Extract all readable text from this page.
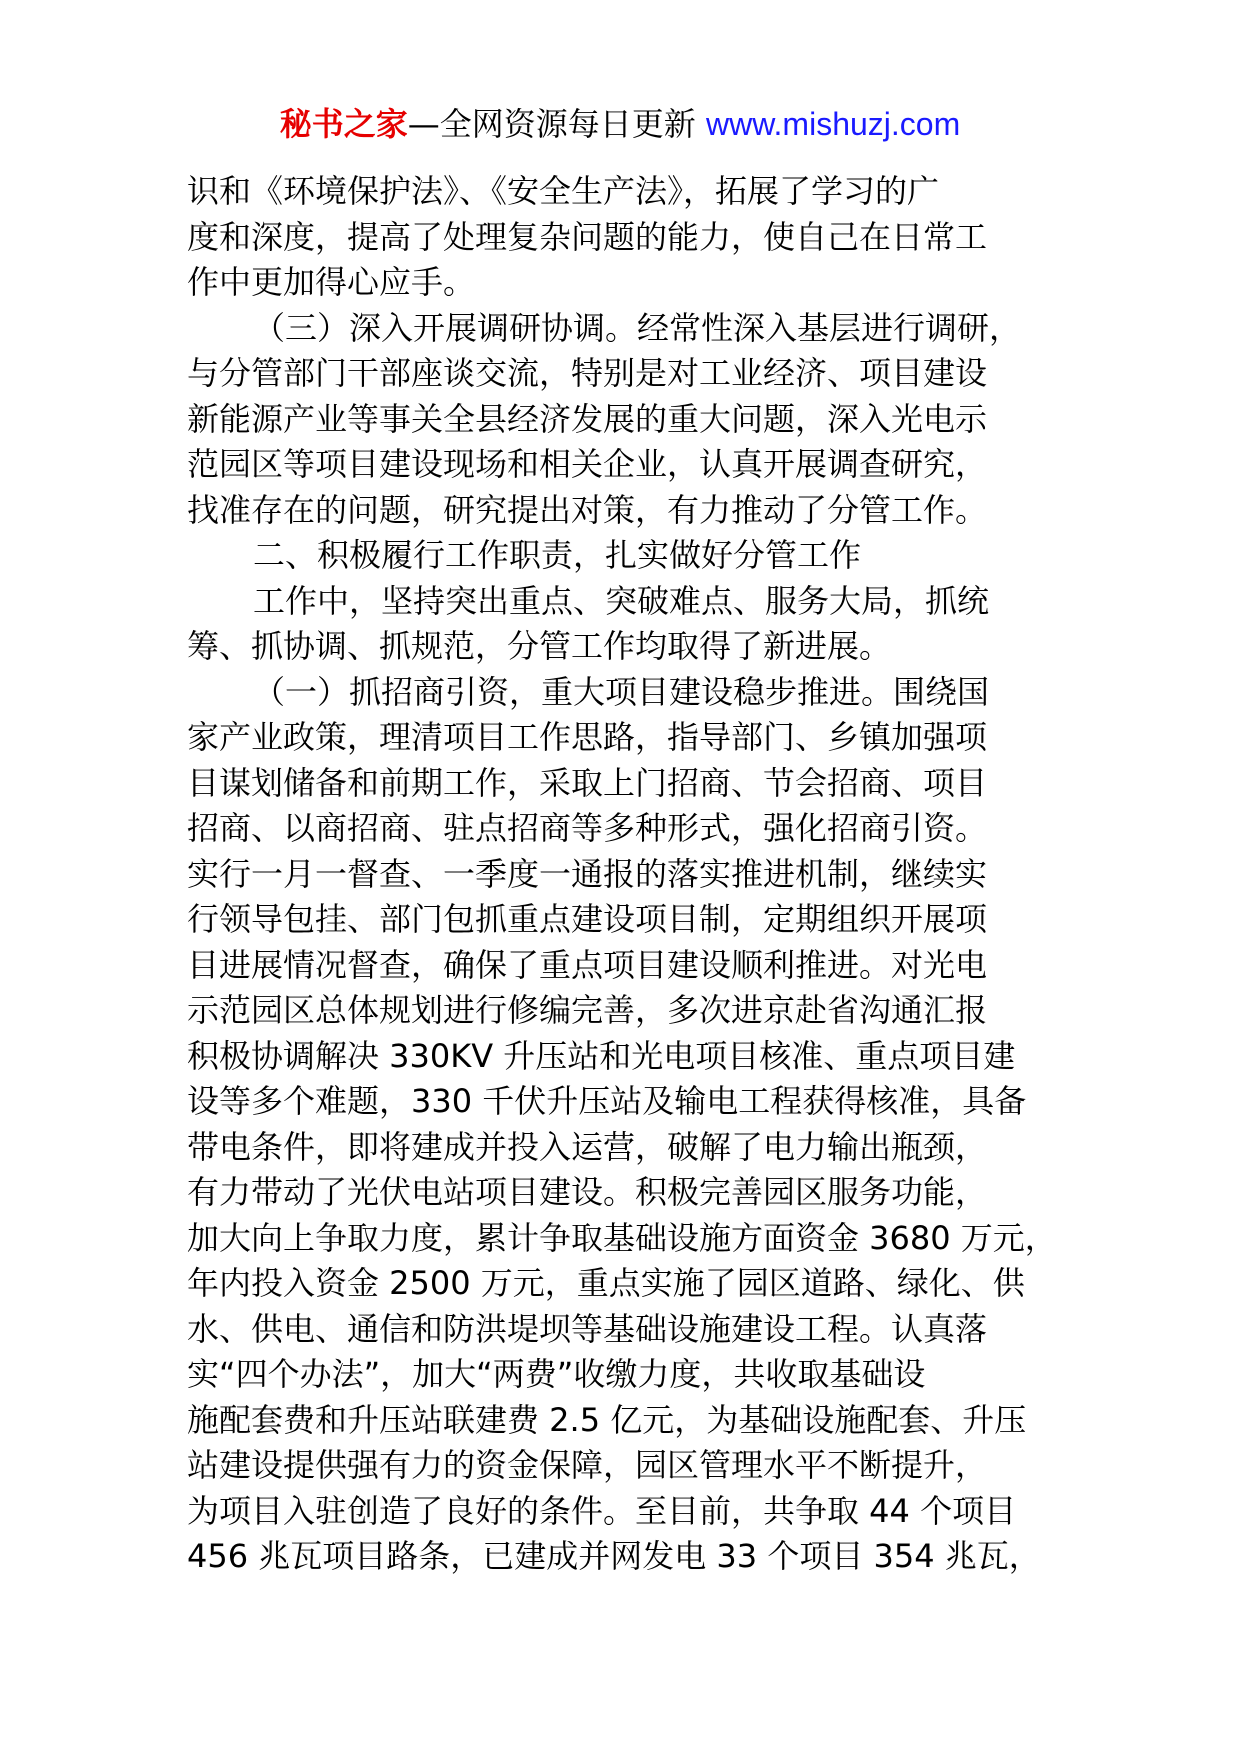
秘书之家—全网资源每日更新 www.mishuzj.com
识和《环境保护法》、《安全生产法》，拓展了学习的广
度和深度，提高了处理复杂问题的能力，使自己在日常工
作中更加得心应手。
（三）深入开展调研协调。经常性深入基层进行调研，
与分管部门干部座谈交流，特别是对工业经济、项目建设
新能源产业等事关全县经济发展的重大问题，深入光电示
范园区等项目建设现场和相关企业，认真开展调查研究，
找准存在的问题，研究提出对策，有力推动了分管工作。
二、积极履行工作职责，扎实做好分管工作
工作中，坚持突出重点、突破难点、服务大局，抓统
筹、抓协调、抓规范，分管工作均取得了新进展。
（一）抓招商引资，重大项目建设稳步推进。围绕国
家产业政策，理清项目工作思路，指导部门、乡镇加强项
目谋划储备和前期工作，采取上门招商、节会招商、项目
招商、以商招商、驻点招商等多种形式，强化招商引资。
实行一月一督查、一季度一通报的落实推进机制，继续实
行领导包挂、部门包抓重点建设项目制，定期组织开展项
目进展情况督查，确保了重点项目建设顺利推进。对光电
示范园区总体规划进行修编完善，多次进京赴省沟通汇报
积极协调解决 330KV 升压站和光电项目核准、重点项目建
设等多个难题，330 千伏升压站及输电工程获得核准，具备
带电条件，即将建成并投入运营，破解了电力输出瓶颈，
有力带动了光伏电站项目建设。积极完善园区服务功能，
加大向上争取力度，累计争取基础设施方面资金 3680 万元，
年内投入资金 2500 万元，重点实施了园区道路、绿化、供
水、供电、通信和防洪堤坝等基础设施建设工程。认真落
实“四个办法”，加大“两费”收缴力度，共收取基础设
施配套费和升压站联建费 2.5 亿元，为基础设施配套、升压
站建设提供强有力的资金保障，园区管理水平不断提升，
为项目入驻创造了良好的条件。至目前，共争取 44 个项目
456 兆瓦项目路条，已建成并网发电 33 个项目 354 兆瓦，
